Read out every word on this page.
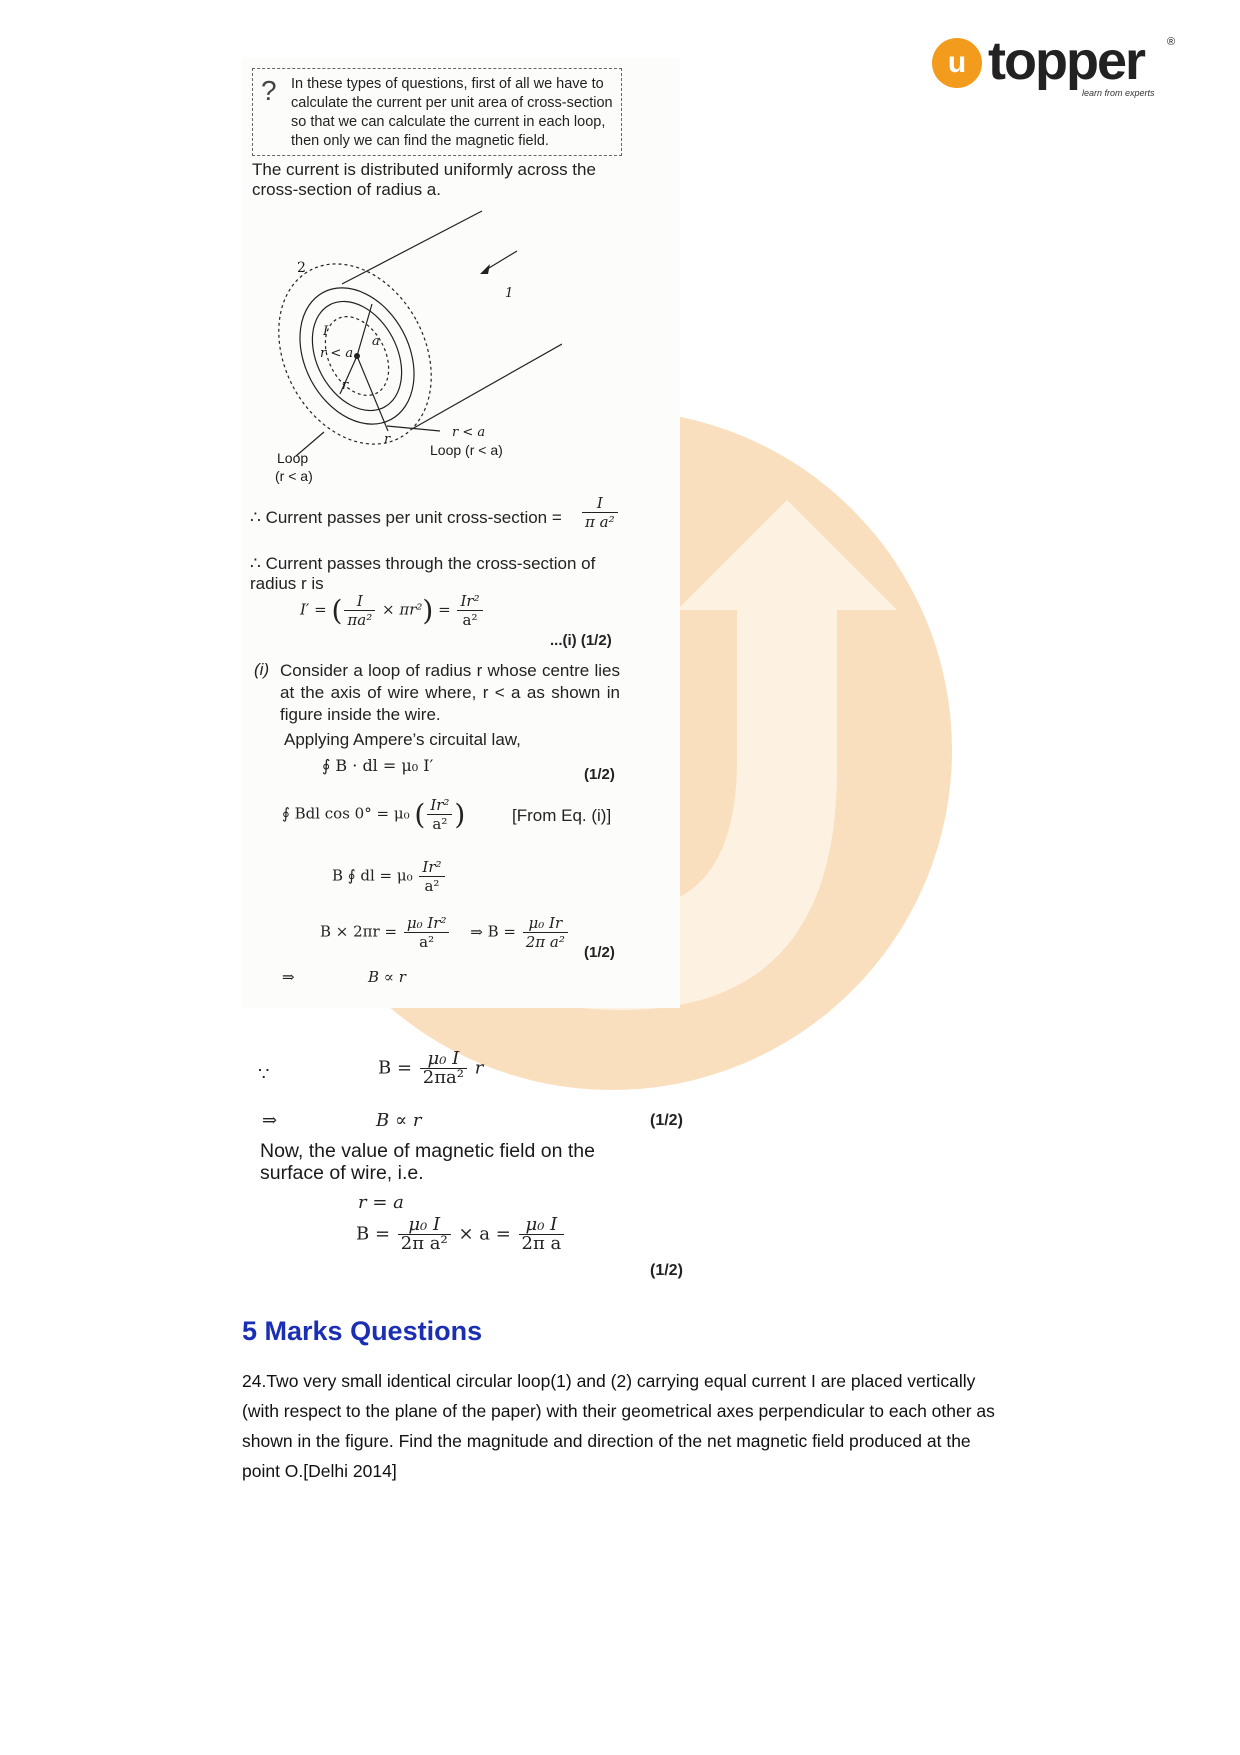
u topper ®
learn from experts
? In these types of questions, first of all we have to calculate the current per unit area of cross-section so that we can calculate the current in each loop, then only we can find the magnetic field.
The current is distributed uniformly across the cross-section of radius a.
2
1
I
r < a
a
r
r	r < a
Loop (r < a)
Loop
(r < a)
∴ Current passes per unit cross-section = $\frac{I}{\text{π a²}}$
∴ Current passes through the cross-section of radius r is
I′ = ( $\frac{I}{\text{πa²}} \times \pi r^2) = \frac{\text{Ir²}}{\text{a²}}$
...(i) (1/2)
(i) Consider a loop of radius r whose centre lies at the axis of wire where, r < a as shown in figure inside the wire.
Applying Ampere’s circuital law,
∮ B · dl = μ₀ I′	(1/2)
∮ Bdl cos 0° = μ₀ ( $\frac{\text{Ir²}}{\text{a²}}$ )	[From Eq. (i)]
B ∮ dl = $\mu_0 \frac{\text{Ir²}}{\text{a²}}$
$B \times 2\pi r = \frac{\text{μ₀ Ir²}}{\text{a²}}$ ⇒ $B = \frac{\text{μ₀ Ir}}{\text{2π a²}}$
(1/2)
⇒	B ∝ r
∵	$B = \frac{\text{μ₀ I}}{\text{2πa²}}$ r
⇒	B ∝ r	(1/2)
Now, the value of magnetic field on the surface of wire, i.e.
r = a
$B = \frac{\text{μ₀ I}}{\text{2π a²}} \times a = \frac{\text{μ₀ I}}{\text{2π a}}$
(1/2)
5 Marks Questions
24.Two very small identical circular loop(1) and (2) carrying equal current I are placed vertically (with respect to the plane of the paper) with their geometrical axes perpendicular to each other as shown in the figure. Find the magnitude and direction of the net magnetic field produced at the point O.[Delhi 2014]
